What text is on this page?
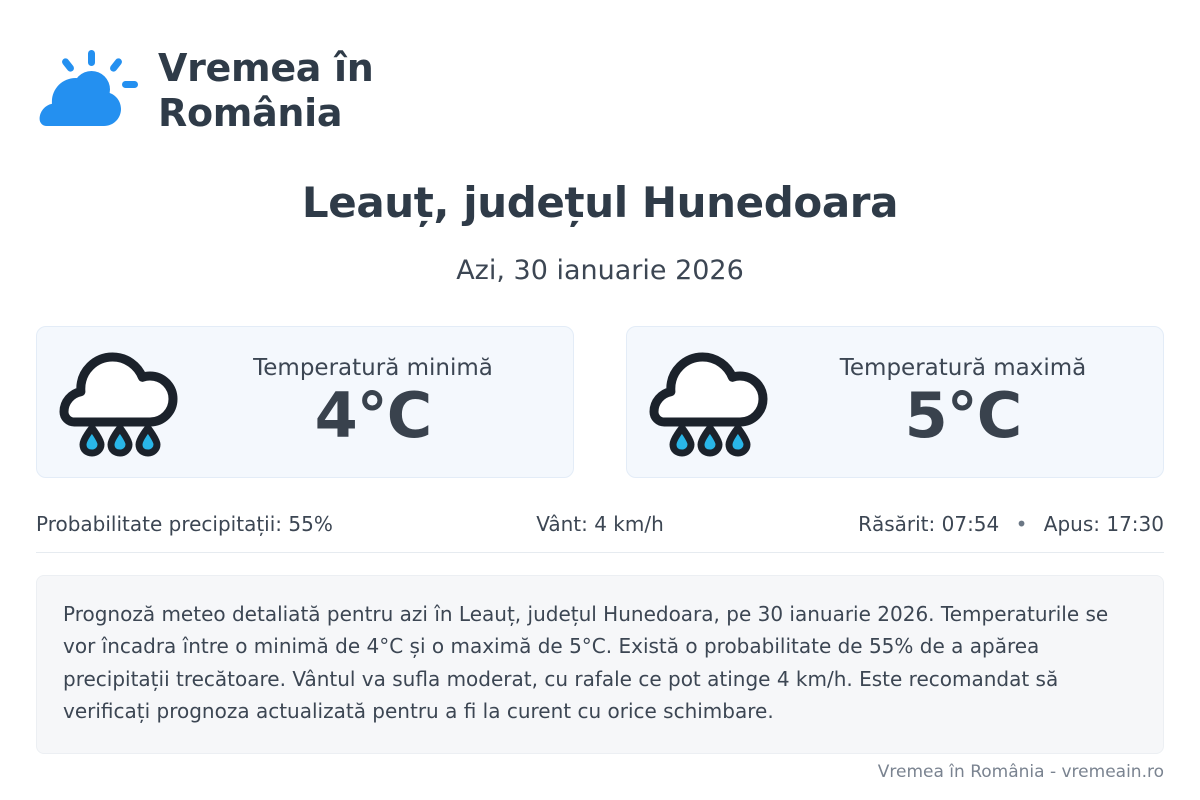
Vremea în România
Leauț, județul Hunedoara
Azi, 30 ianuarie 2026
Temperatură minimă
4°C
Temperatură maximă
5°C
Probabilitate precipitații: 55%	Vânt: 4 km/h	Răsărit: 07:54 • Apus: 17:30
Prognoză meteo detaliată pentru azi în Leauț, județul Hunedoara, pe 30 ianuarie 2026. Temperaturile se vor încadra între o minimă de 4°C și o maximă de 5°C. Există o probabilitate de 55% de a apărea precipitații trecătoare. Vântul va sufla moderat, cu rafale ce pot atinge 4 km/h. Este recomandat să verificați prognoza actualizată pentru a fi la curent cu orice schimbare.
Vremea în România - vremeain.ro
